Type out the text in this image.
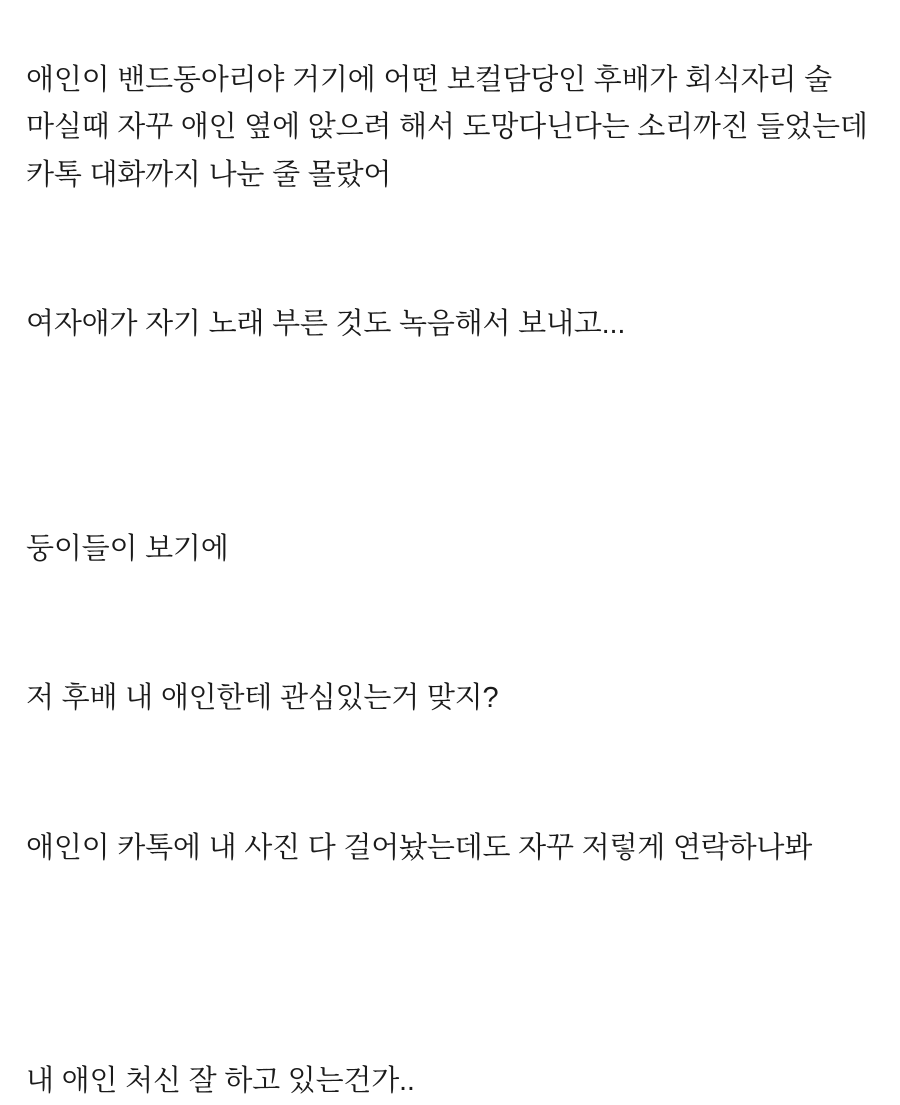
애인이 밴드동아리야 거기에 어떤 보컬담당인 후배가 회식자리 술 마실때 자꾸 애인 옆에 앉으려 해서 도망다닌다는 소리까진 들었는데 카톡 대화까지 나눈 줄 몰랐어

여자애가 자기 노래 부른 것도 녹음해서 보내고...

둥이들이 보기에

저 후배 내 애인한테 관심있는거 맞지?

애인이 카톡에 내 사진 다 걸어놨는데도 자꾸 저렇게 연락하나봐

내 애인 처신 잘 하고 있는건가..
